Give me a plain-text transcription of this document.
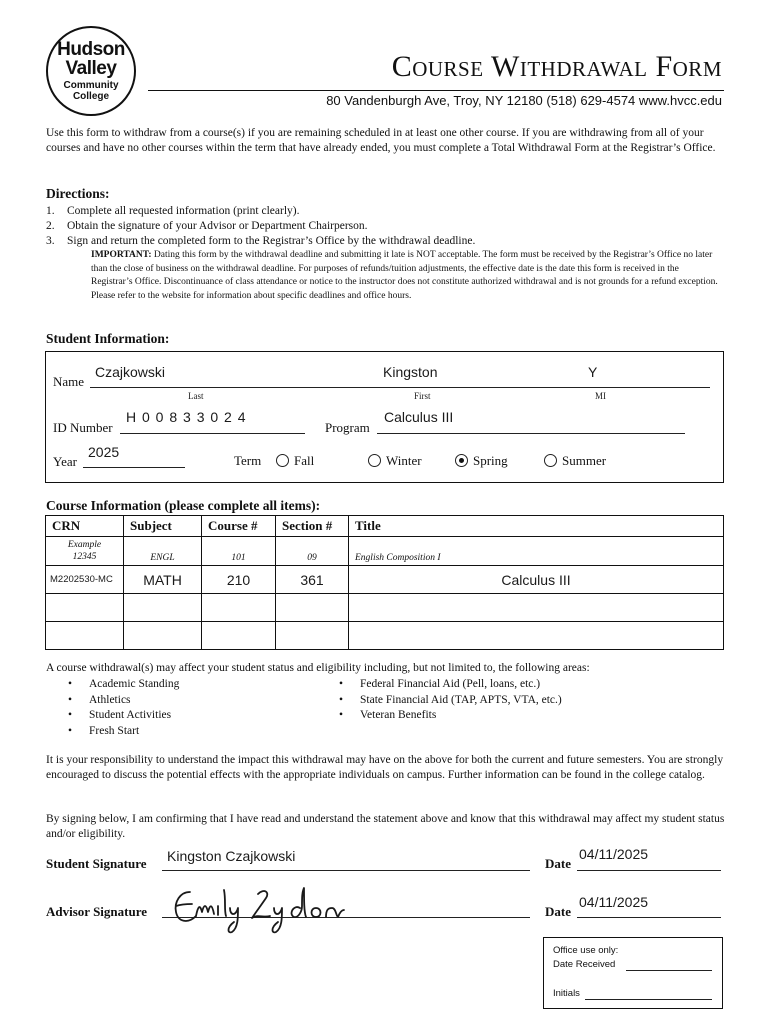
Hudson
Valley
Community
College
Course Withdrawal Form
80 Vandenburgh Ave, Troy, NY 12180 (518) 629-4574 www.hvcc.edu
Use this form to withdraw from a course(s) if you are remaining scheduled in at least one other course. If you are withdrawing from all of your courses and have no other courses within the term that have already ended, you must complete a Total Withdrawal Form at the Registrar’s Office.
Directions:
1. Complete all requested information (print clearly).
2. Obtain the signature of your Advisor or Department Chairperson.
3. Sign and return the completed form to the Registrar’s Office by the withdrawal deadline.
IMPORTANT: Dating this form by the withdrawal deadline and submitting it late is NOT acceptable. The form must be received by the Registrar’s Office no later than the close of business on the withdrawal deadline. For purposes of refunds/tuition adjustments, the effective date is the date this form is received in the Registrar’s Office. Discontinuance of class attendance or notice to the instructor does not constitute authorized withdrawal and is not grounds for a refund exception. Please refer to the website for information about specific deadlines and office hours.
Student Information:
Name
Czajkowski	Kingston	Y
Last	First	MI
ID Number
H 0 0 8 3 3 0 2 4
Program
Calculus III
Year
2025
Term	Fall	Winter	Spring	Summer
Course Information (please complete all items):
CRN	Subject	Course #	Section #	Title

Example
12345	ENGL	101	09	English Composition I
M2202530-MC	MATH	210	361	Calculus III

A course withdrawal(s) may affect your student status and eligibility including, but not limited to, the following areas:
• Academic Standing
• Athletics
• Student Activities
• Fresh Start
• Federal Financial Aid (Pell, loans, etc.)
• State Financial Aid (TAP, APTS, VTA, etc.)
• Veteran Benefits
It is your responsibility to understand the impact this withdrawal may have on the above for both the current and future semesters. You are strongly encouraged to discuss the potential effects with the appropriate individuals on campus. Further information can be found in the college catalog.
By signing below, I am confirming that I have read and understand the statement above and know that this withdrawal may affect my student status and/or eligibility.
Student Signature Kingston Czajkowski	Date
04/11/2025
Advisor Signature	Date
04/11/2025
Office use only:
Date Received
Initials
